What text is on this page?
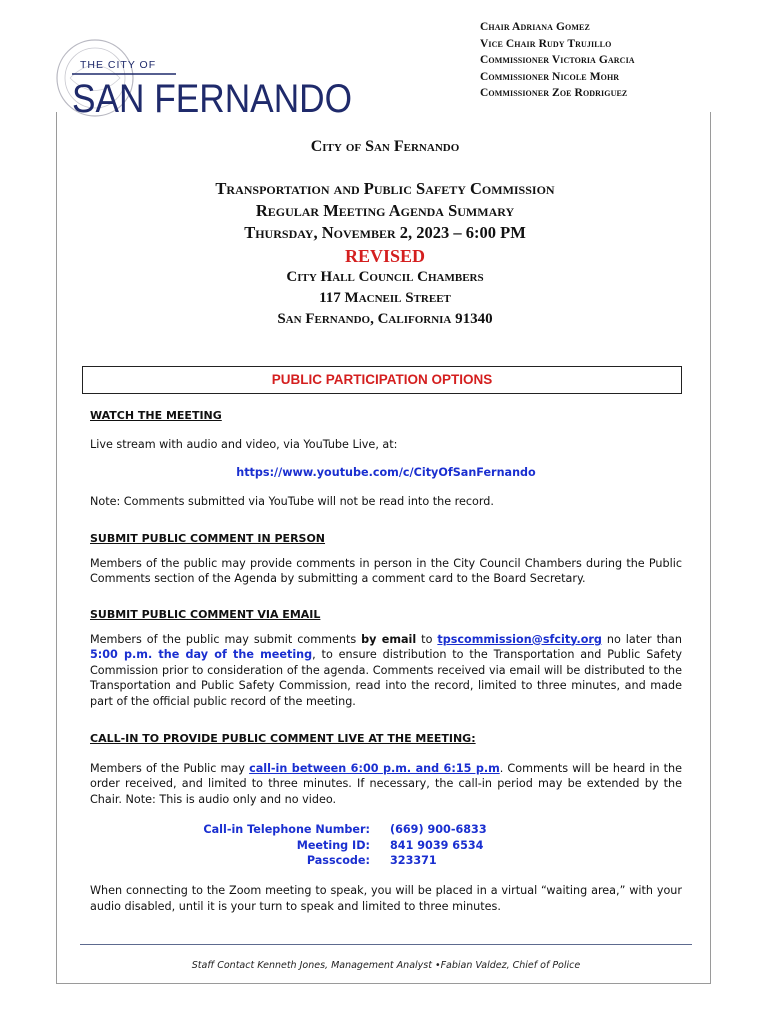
THE CITY OF
SAN FERNANDO
Chair Adriana Gomez
Vice Chair Rudy Trujillo
Commissioner Victoria Garcia
Commissioner Nicole Mohr
Commissioner Zoe Rodriguez
City of San Fernando
Transportation and Public Safety Commission
Regular Meeting Agenda Summary
Thursday, November 2, 2023 – 6:00 PM
REVISED
City Hall Council Chambers
117 Macneil Street
San Fernando, California 91340
PUBLIC PARTICIPATION OPTIONS
WATCH THE MEETING
Live stream with audio and video, via YouTube Live, at:
https://www.youtube.com/c/CityOfSanFernando
Note: Comments submitted via YouTube will not be read into the record.
SUBMIT PUBLIC COMMENT IN PERSON
Members of the public may provide comments in person in the City Council Chambers during the Public Comments section of the Agenda by submitting a comment card to the Board Secretary.
SUBMIT PUBLIC COMMENT VIA EMAIL
Members of the public may submit comments by email to tpscommission@sfcity.org no later than 5:00 p.m. the day of the meeting, to ensure distribution to the Transportation and Public Safety Commission prior to consideration of the agenda. Comments received via email will be distributed to the Transportation and Public Safety Commission, read into the record, limited to three minutes, and made part of the official public record of the meeting.
CALL-IN TO PROVIDE PUBLIC COMMENT LIVE AT THE MEETING:
Members of the Public may call-in between 6:00 p.m. and 6:15 p.m. Comments will be heard in the order received, and limited to three minutes. If necessary, the call-in period may be extended by the Chair. Note: This is audio only and no video.
Call-in Telephone Number: (669) 900-6833
Meeting ID: 841 9039 6534
Passcode: 323371
When connecting to the Zoom meeting to speak, you will be placed in a virtual “waiting area,” with your audio disabled, until it is your turn to speak and limited to three minutes.
Staff Contact Kenneth Jones, Management Analyst •Fabian Valdez, Chief of Police
